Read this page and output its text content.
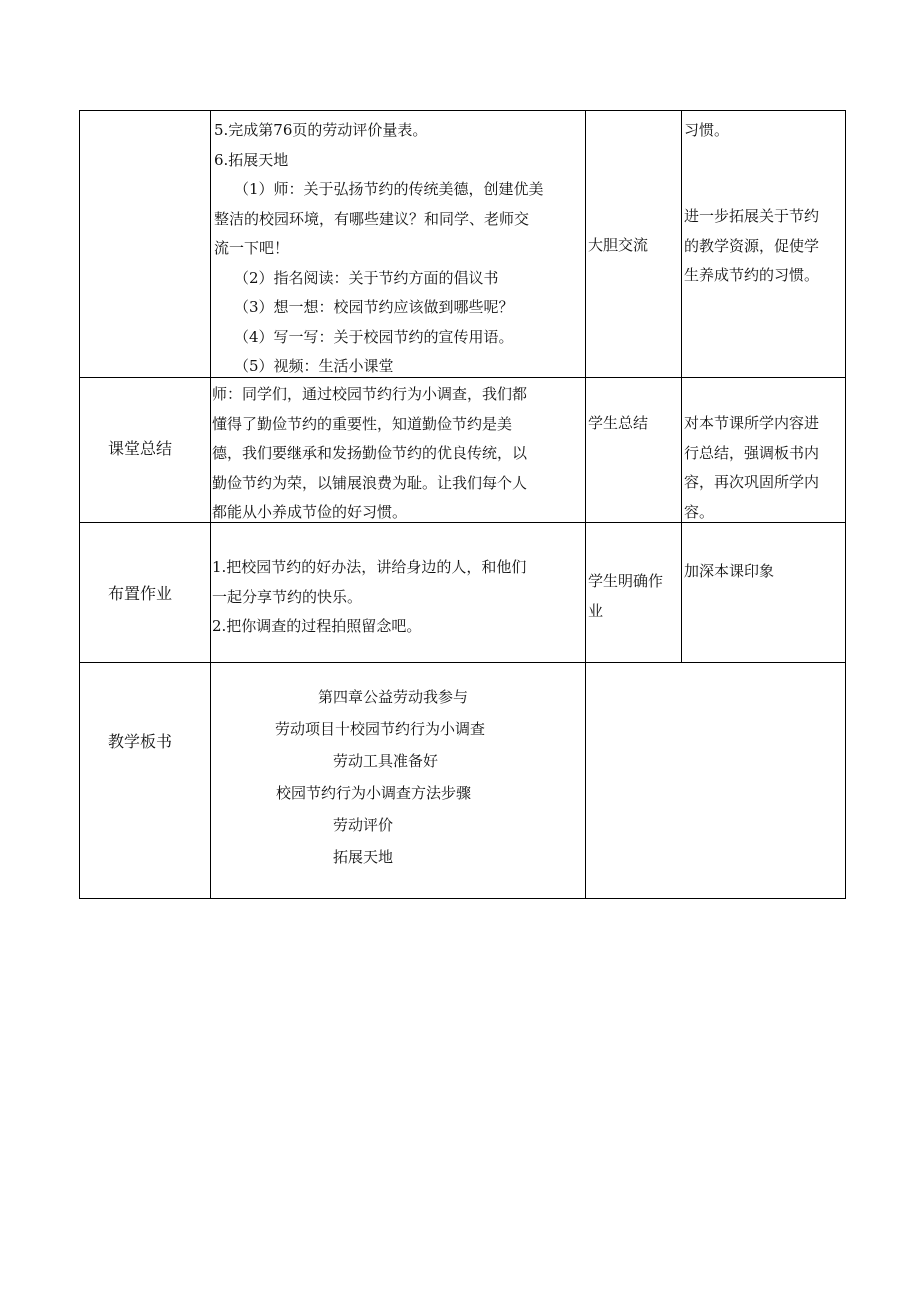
5.完成第76页的劳动评价量表。
6.拓展天地
（1）师：关于弘扬节约的传统美德，创建优美
整洁的校园环境，有哪些建议？和同学、老师交
流一下吧！
（2）指名阅读：关于节约方面的倡议书
（3）想一想：校园节约应该做到哪些呢？
（4）写一写：关于校园节约的宣传用语。
（5）视频：生活小课堂
大胆交流
习惯。
进一步拓展关于节约
的教学资源，促使学
生养成节约的习惯。
课堂总结
师：同学们，通过校园节约行为小调查，我们都
懂得了勤俭节约的重要性，知道勤俭节约是美
德，我们要继承和发扬勤俭节约的优良传统，以
勤俭节约为荣，以铺展浪费为耻。让我们每个人
都能从小养成节俭的好习惯。
学生总结 对本节课所学内容进
行总结，强调板书内
容，再次巩固所学内
容。
布置作业
1.把校园节约的好办法，讲给身边的人，和他们
一起分享节约的快乐。
2.把你调查的过程拍照留念吧。
学生明确作
业
加深本课印象
教学板书
第四章公益劳动我参与
劳动项目十校园节约行为小调查
劳动工具准备好
校园节约行为小调查方法步骤
劳动评价
拓展天地
